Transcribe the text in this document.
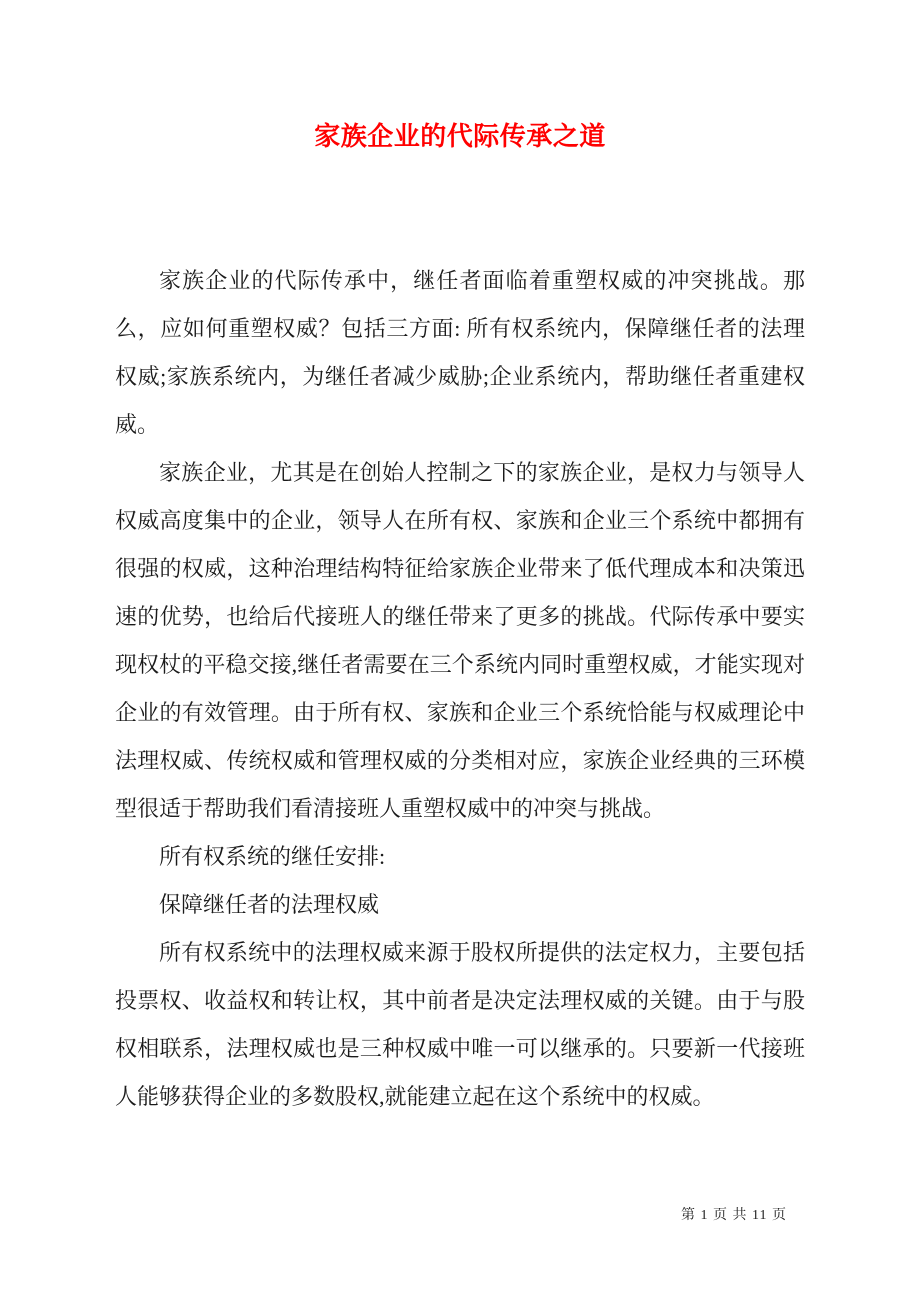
家族企业的代际传承之道

家族企业的代际传承中，继任者面临着重塑权威的冲突挑战。那么，应如何重塑权威？包括三方面: 所有权系统内，保障继任者的法理权威;家族系统内，为继任者减少威胁;企业系统内，帮助继任者重建权威。

家族企业，尤其是在创始人控制之下的家族企业，是权力与领导人权威高度集中的企业，领导人在所有权、家族和企业三个系统中都拥有很强的权威，这种治理结构特征给家族企业带来了低代理成本和决策迅速的优势，也给后代接班人的继任带来了更多的挑战。代际传承中要实现权杖的平稳交接,继任者需要在三个系统内同时重塑权威，才能实现对企业的有效管理。由于所有权、家族和企业三个系统恰能与权威理论中法理权威、传统权威和管理权威的分类相对应，家族企业经典的三环模型很适于帮助我们看清接班人重塑权威中的冲突与挑战。

所有权系统的继任安排:

保障继任者的法理权威

所有权系统中的法理权威来源于股权所提供的法定权力，主要包括投票权、收益权和转让权，其中前者是决定法理权威的关键。由于与股权相联系，法理权威也是三种权威中唯一可以继承的。只要新一代接班人能够获得企业的多数股权,就能建立起在这个系统中的权威。

第 1 页 共 11 页
